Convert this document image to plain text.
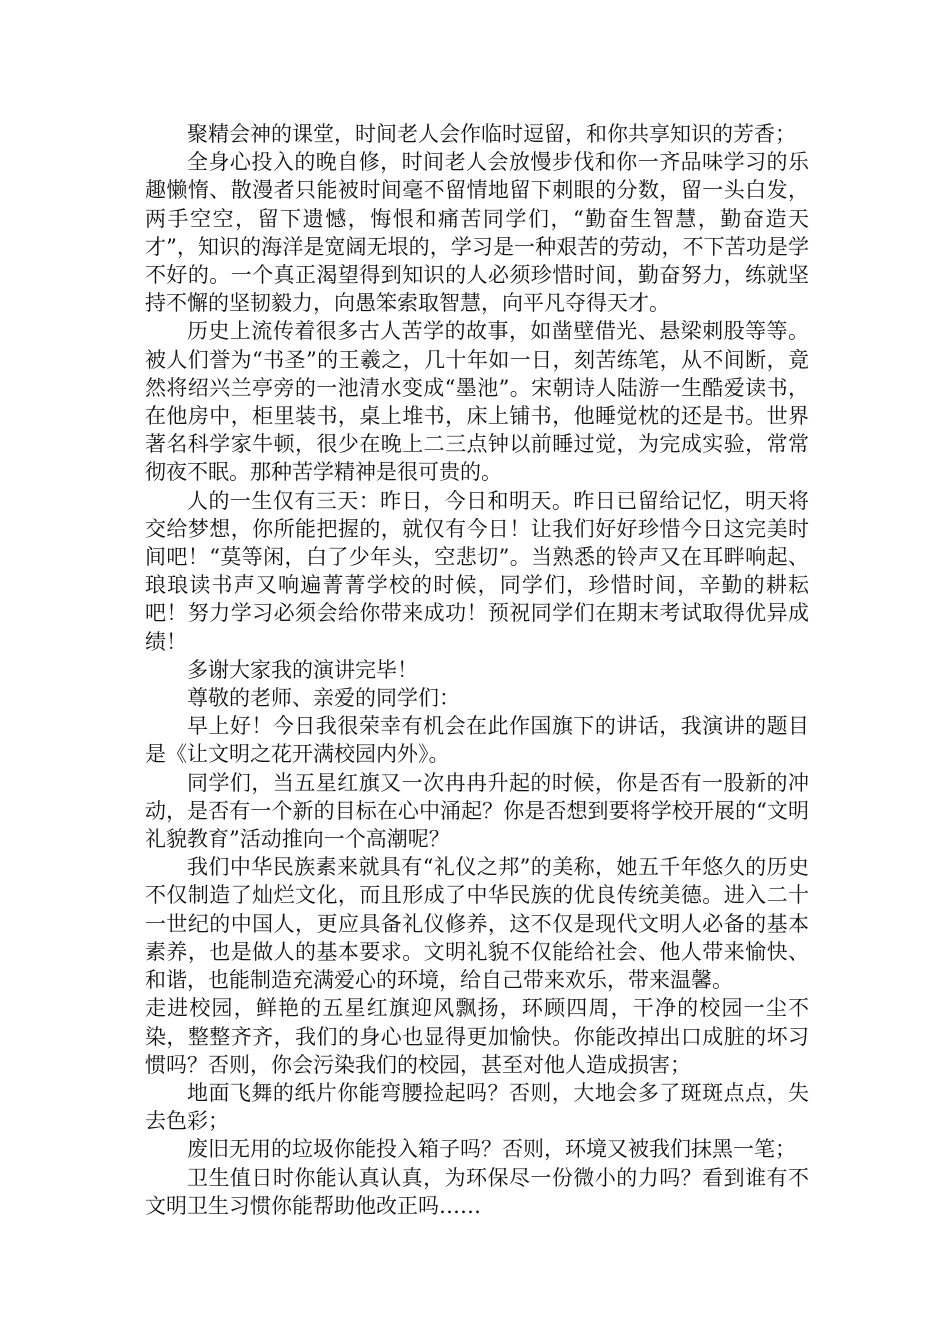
聚精会神的课堂，时间老人会作临时逗留，和你共享知识的芳香；

全身心投入的晚自修，时间老人会放慢步伐和你一齐品味学习的乐趣懒惰、散漫者只能被时间毫不留情地留下刺眼的分数，留一头白发，两手空空，留下遗憾，悔恨和痛苦同学们，“勤奋生智慧，勤奋造天才”，知识的海洋是宽阔无垠的，学习是一种艰苦的劳动，不下苦功是学不好的。一个真正渴望得到知识的人必须珍惜时间，勤奋努力，练就坚持不懈的坚韧毅力，向愚笨索取智慧，向平凡夺得天才。

历史上流传着很多古人苦学的故事，如凿壁借光、悬梁刺股等等。被人们誉为“书圣”的王羲之，几十年如一日，刻苦练笔，从不间断，竟然将绍兴兰亭旁的一池清水变成“墨池”。宋朝诗人陆游一生酷爱读书，在他房中，柜里装书，桌上堆书，床上铺书，他睡觉枕的还是书。世界著名科学家牛顿，很少在晚上二三点钟以前睡过觉，为完成实验，常常彻夜不眠。那种苦学精神是很可贵的。

人的一生仅有三天：昨日，今日和明天。昨日已留给记忆，明天将交给梦想，你所能把握的，就仅有今日！让我们好好珍惜今日这完美时间吧！“莫等闲，白了少年头，空悲切”。当熟悉的铃声又在耳畔响起、琅琅读书声又响遍菁菁学校的时候，同学们，珍惜时间，辛勤的耕耘吧！努力学习必须会给你带来成功！预祝同学们在期末考试取得优异成绩！

多谢大家我的演讲完毕！

尊敬的老师、亲爱的同学们：

早上好！今日我很荣幸有机会在此作国旗下的讲话，我演讲的题目是《让文明之花开满校园内外》。

同学们，当五星红旗又一次冉冉升起的时候，你是否有一股新的冲动，是否有一个新的目标在心中涌起？你是否想到要将学校开展的“文明礼貌教育”活动推向一个高潮呢？

我们中华民族素来就具有“礼仪之邦”的美称，她五千年悠久的历史不仅制造了灿烂文化，而且形成了中华民族的优良传统美德。进入二十一世纪的中国人，更应具备礼仪修养，这不仅是现代文明人必备的基本素养，也是做人的基本要求。文明礼貌不仅能给社会、他人带来愉快、和谐，也能制造充满爱心的环境，给自己带来欢乐，带来温馨。

走进校园，鲜艳的五星红旗迎风飘扬，环顾四周，干净的校园一尘不染，整整齐齐，我们的身心也显得更加愉快。你能改掉出口成脏的坏习惯吗？否则，你会污染我们的校园，甚至对他人造成损害；

地面飞舞的纸片你能弯腰捡起吗？否则，大地会多了斑斑点点，失去色彩；

废旧无用的垃圾你能投入箱子吗？否则，环境又被我们抹黑一笔；

卫生值日时你能认真认真，为环保尽一份微小的力吗？看到谁有不文明卫生习惯你能帮助他改正吗……
